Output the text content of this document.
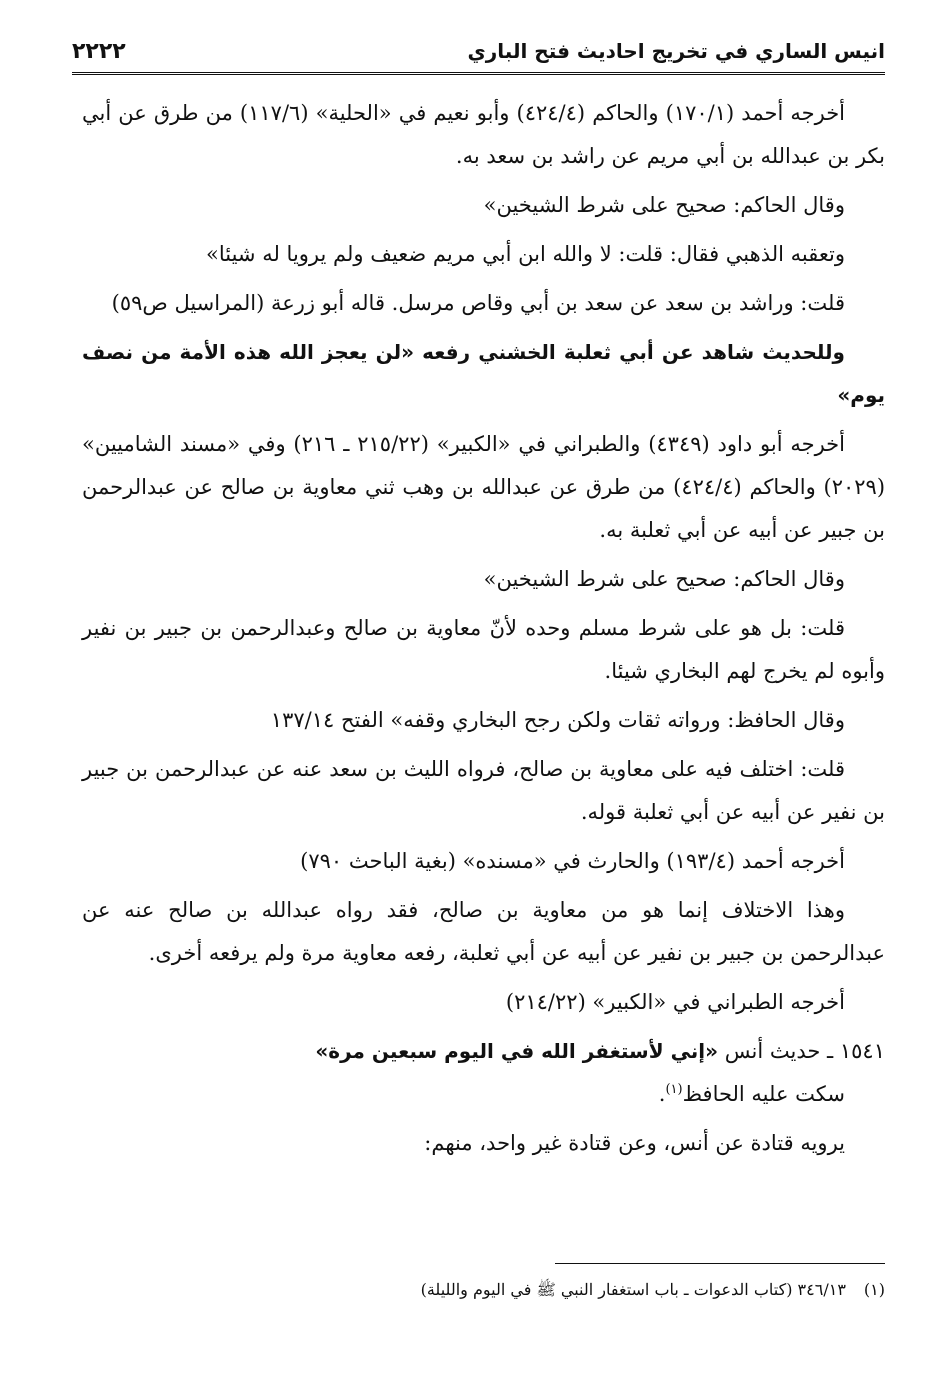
انيس الساري في تخريج احاديث فتح الباري
٢٢٢٢

أخرجه أحمد (١٧٠/١) والحاكم (٤٢٤/٤) وأبو نعيم في «الحلية» (١١٧/٦) من طرق عن أبي بكر بن عبدالله بن أبي مريم عن راشد بن سعد به.

وقال الحاكم: صحيح على شرط الشيخين»

وتعقبه الذهبي فقال: قلت: لا والله ابن أبي مريم ضعيف ولم يرويا له شيئا»

قلت: وراشد بن سعد عن سعد بن أبي وقاص مرسل. قاله أبو زرعة (المراسيل ص٥٩)

وللحديث شاهد عن أبي ثعلبة الخشني رفعه «لن يعجز الله هذه الأمة من نصف يوم»

أخرجه أبو داود (٤٣٤٩) والطبراني في «الكبير» (٢١٥/٢٢ ـ ٢١٦) وفي «مسند الشاميين» (٢٠٢٩) والحاكم (٤٢٤/٤) من طرق عن عبدالله بن وهب ثني معاوية بن صالح عن عبدالرحمن بن جبير عن أبيه عن أبي ثعلبة به.

وقال الحاكم: صحيح على شرط الشيخين»

قلت: بل هو على شرط مسلم وحده لأنّ معاوية بن صالح وعبدالرحمن بن جبير بن نفير وأبوه لم يخرج لهم البخاري شيئا.

وقال الحافظ: ورواته ثقات ولكن رجح البخاري وقفه» الفتح ١٣٧/١٤

قلت: اختلف فيه على معاوية بن صالح، فرواه الليث بن سعد عنه عن عبدالرحمن بن جبير بن نفير عن أبيه عن أبي ثعلبة قوله.

أخرجه أحمد (١٩٣/٤) والحارث في «مسنده» (بغية الباحث ٧٩٠)

وهذا الاختلاف إنما هو من معاوية بن صالح، فقد رواه عبدالله بن صالح عنه عن عبدالرحمن بن جبير بن نفير عن أبيه عن أبي ثعلبة، رفعه معاوية مرة ولم يرفعه أخرى.

أخرجه الطبراني في «الكبير» (٢١٤/٢٢)

١٥٤١ ـ حديث أنس «إني لأستغفر الله في اليوم سبعين مرة»

سكت عليه الحافظ$^{(١)}$.

يرويه قتادة عن أنس، وعن قتادة غير واحد، منهم:

(١)
٣٤٦/١٣ (كتاب الدعوات ـ باب استغفار النبي ﷺ في اليوم والليلة)
